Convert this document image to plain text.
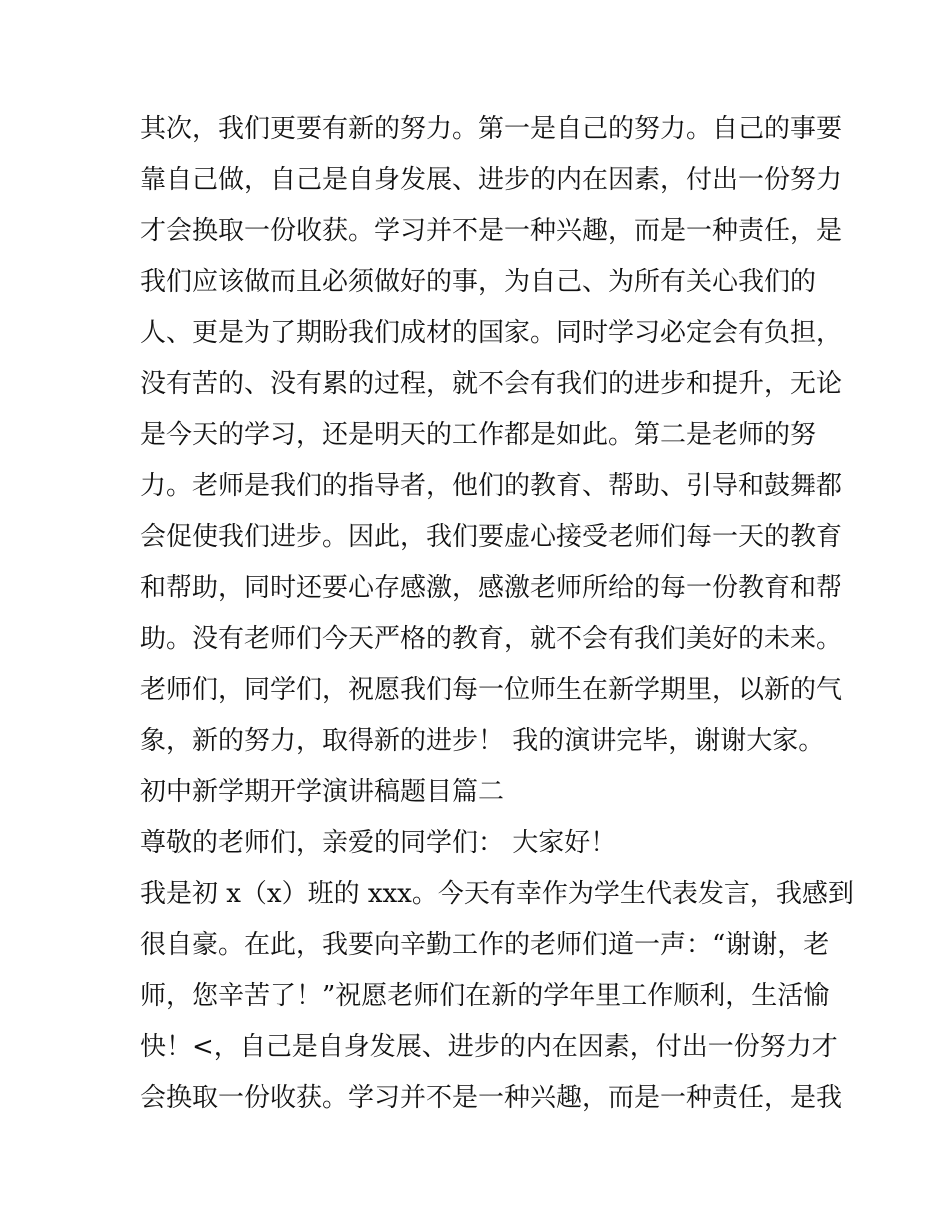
其次，我们更要有新的努力。第一是自己的努力。自己的事要
靠自己做，自己是自身发展、进步的内在因素，付出一份努力
才会换取一份收获。学习并不是一种兴趣，而是一种责任，是
我们应该做而且必须做好的事，为自己、为所有关心我们的
人、更是为了期盼我们成材的国家。同时学习必定会有负担，
没有苦的、没有累的过程，就不会有我们的进步和提升，无论
是今天的学习，还是明天的工作都是如此。第二是老师的努
力。老师是我们的指导者，他们的教育、帮助、引导和鼓舞都
会促使我们进步。因此，我们要虚心接受老师们每一天的教育
和帮助，同时还要心存感激，感激老师所给的每一份教育和帮
助。没有老师们今天严格的教育，就不会有我们美好的未来。
老师们，同学们，祝愿我们每一位师生在新学期里，以新的气
象，新的努力，取得新的进步！ 我的演讲完毕，谢谢大家。
初中新学期开学演讲稿题目篇二
尊敬的老师们，亲爱的同学们： 大家好！
我是初 x（x）班的 xxx。今天有幸作为学生代表发言，我感到
很自豪。在此，我要向辛勤工作的老师们道一声：“谢谢，老
师，您辛苦了！”祝愿老师们在新的学年里工作顺利，生活愉
快！<，自己是自身发展、进步的内在因素，付出一份努力才
会换取一份收获。学习并不是一种兴趣，而是一种责任，是我
